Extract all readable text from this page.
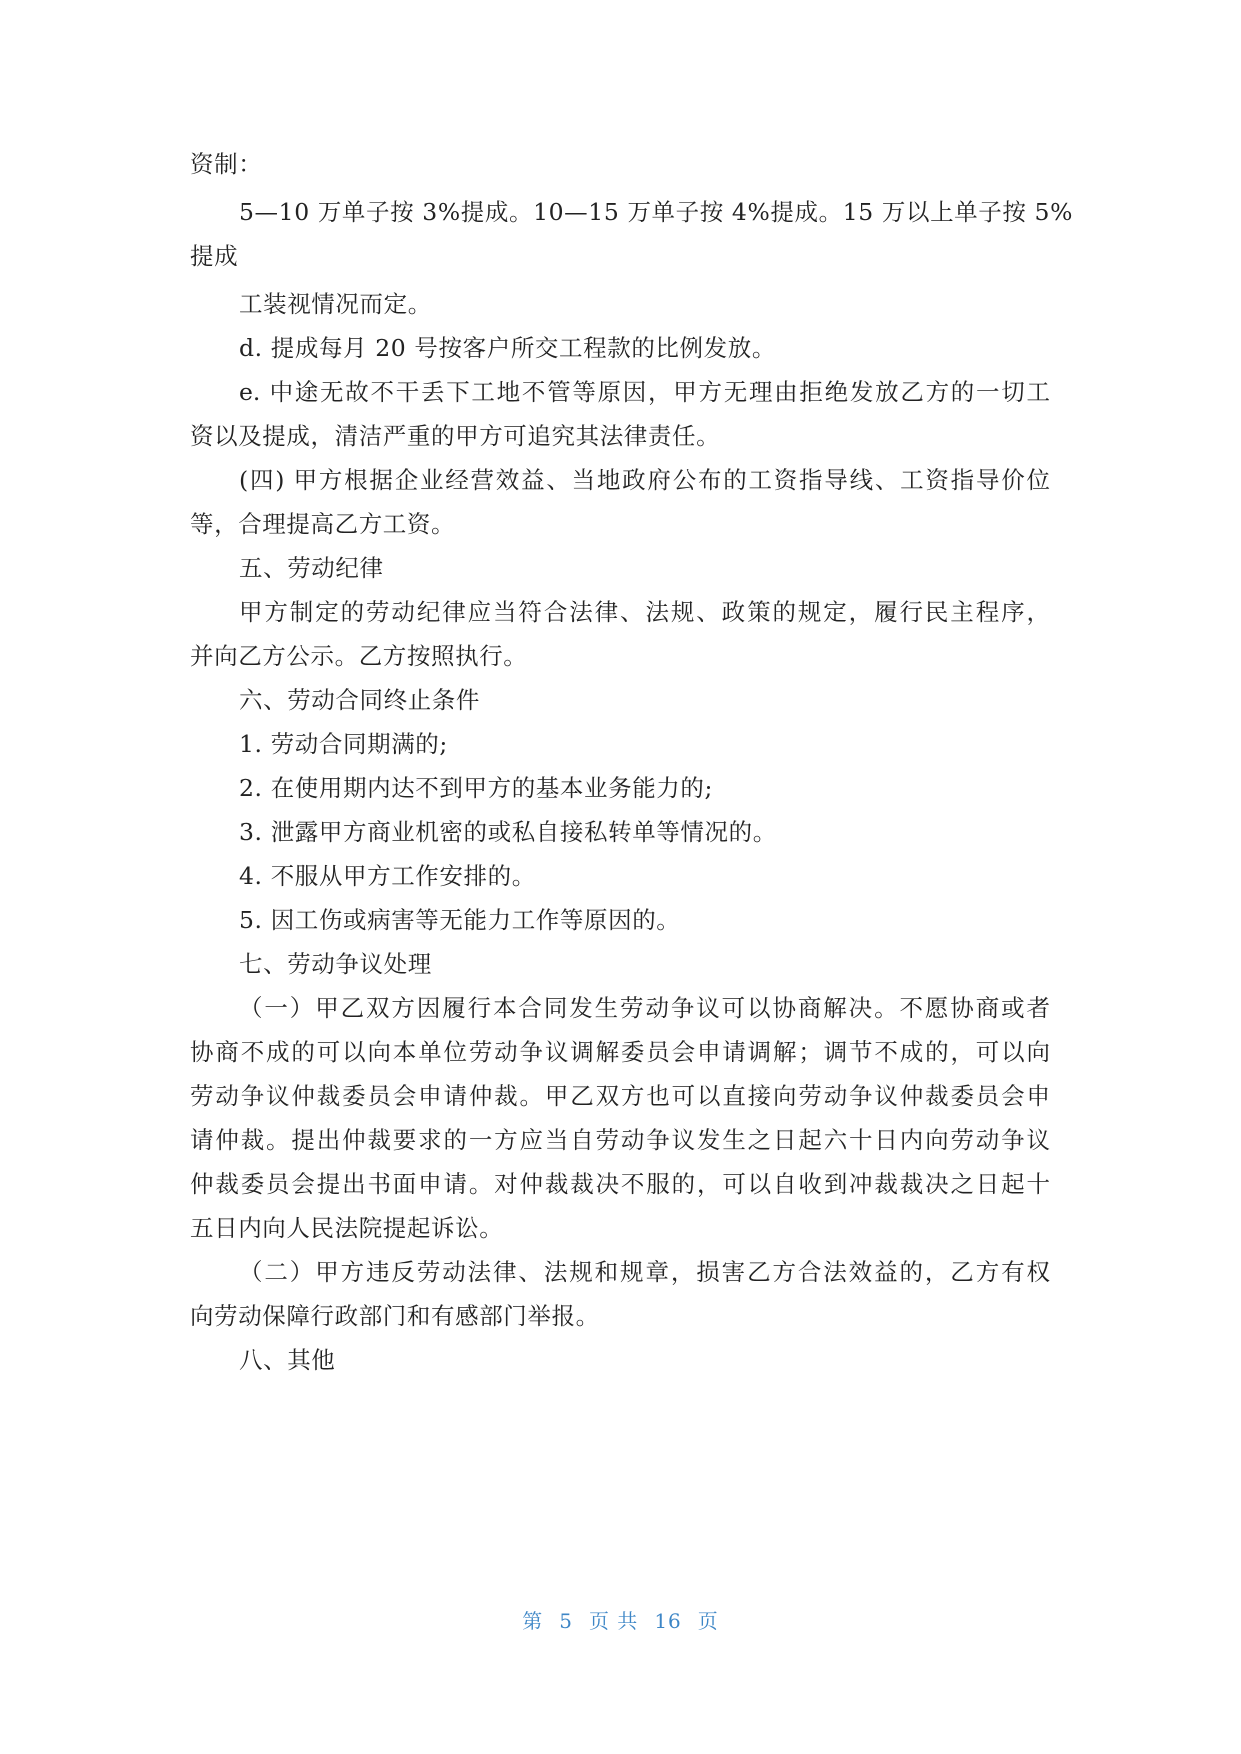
资制：
5—10 万单子按 3%提成。10—15 万单子按 4%提成。15 万以上单子按 5%
提成
工装视情况而定。
d. 提成每月 20 号按客户所交工程款的比例发放。
e. 中途无故不干丢下工地不管等原因，甲方无理由拒绝发放乙方的一切工
资以及提成，清洁严重的甲方可追究其法律责任。
(四) 甲方根据企业经营效益、当地政府公布的工资指导线、工资指导价位
等，合理提高乙方工资。
五、劳动纪律
甲方制定的劳动纪律应当符合法律、法规、政策的规定，履行民主程序，
并向乙方公示。乙方按照执行。
六、劳动合同终止条件
1. 劳动合同期满的;
2. 在使用期内达不到甲方的基本业务能力的;
3. 泄露甲方商业机密的或私自接私转单等情况的。
4. 不服从甲方工作安排的。
5. 因工伤或病害等无能力工作等原因的。
七、劳动争议处理
（一）甲乙双方因履行本合同发生劳动争议可以协商解决。不愿协商或者
协商不成的可以向本单位劳动争议调解委员会申请调解；调节不成的，可以向
劳动争议仲裁委员会申请仲裁。甲乙双方也可以直接向劳动争议仲裁委员会申
请仲裁。提出仲裁要求的一方应当自劳动争议发生之日起六十日内向劳动争议
仲裁委员会提出书面申请。对仲裁裁决不服的，可以自收到冲裁裁决之日起十
五日内向人民法院提起诉讼。
（二）甲方违反劳动法律、法规和规章，损害乙方合法效益的，乙方有权
向劳动保障行政部门和有感部门举报。
八、其他
第 5 页 共 16 页
